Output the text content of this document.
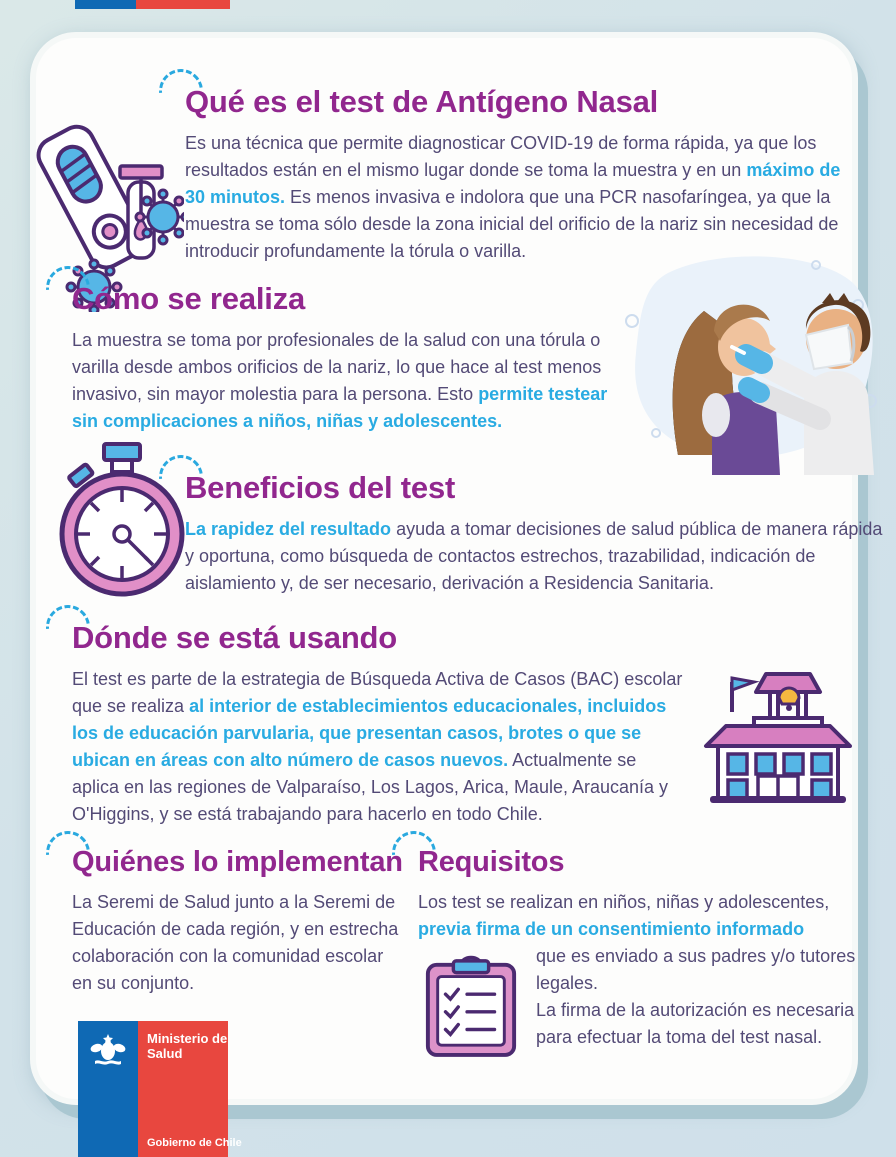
Qué es el test de Antígeno Nasal
Es una técnica que permite diagnosticar COVID-19 de forma rápida, ya que los resultados están en el mismo lugar donde se toma la muestra y en un máximo de 30 minutos. Es menos invasiva e indolora que una PCR nasofaríngea, ya que la muestra se toma sólo desde la zona inicial del orificio de la nariz sin necesidad de introducir profundamente la tórula o varilla.
Cómo se realiza
La muestra se toma por profesionales de la salud con una tórula o varilla desde ambos orificios de la nariz, lo que hace al test menos invasivo, sin mayor molestia para la persona. Esto permite testear sin complicaciones a niños, niñas y adolescentes.
Beneficios del test
La rapidez del resultado ayuda a tomar decisiones de salud pública de manera rápida y oportuna, como búsqueda de contactos estrechos, trazabilidad, indicación de aislamiento y, de ser necesario, derivación a Residencia Sanitaria.
Dónde se está usando
El test es parte de la estrategia de Búsqueda Activa de Casos (BAC) escolar que se realiza al interior de establecimientos educacionales, incluidos los de educación parvularia, que presentan casos, brotes o que se ubican en áreas con alto número de casos nuevos. Actualmente se aplica en las regiones de Valparaíso, Los Lagos, Arica, Maule, Araucanía y O'Higgins, y se está trabajando para hacerlo en todo Chile.
Quiénes lo implementan
La Seremi de Salud junto a la Seremi de Educación de cada región, y en estrecha colaboración con la comunidad escolar en su conjunto.
Requisitos

Los test se realizan en niños, niñas y adolescentes, previa firma de un consentimiento informado

que es enviado a sus padres y/o tutores legales.

La firma de la autorización es necesaria para efectuar la toma del test nasal.

Ministerio de
Salud
Gobierno de Chile
